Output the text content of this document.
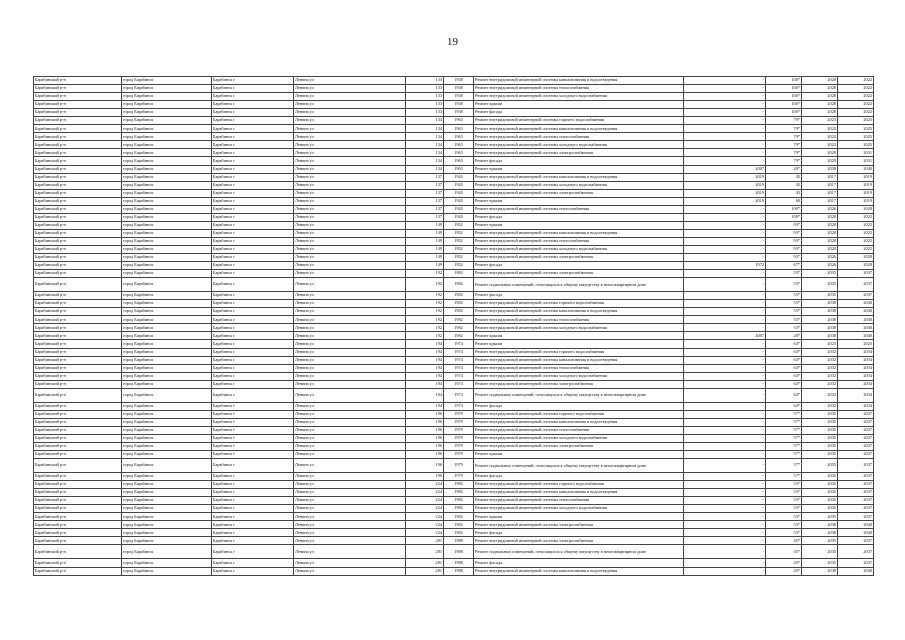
19
Барабинский р-н	город Барабинск	Барабинск г	Ленина ул	133	1938	Ремонт внутридомовой инженерной системы канализования и водоотведения	-	100*	2020	2022
Барабинский р-н	город Барабинск	Барабинск г	Ленина ул	133	1938	Ремонт внутридомовой инженерной системы теплоснабжения	-	100*	2020	2022
Барабинский р-н	город Барабинск	Барабинск г	Ленина ул	133	1938	Ремонт внутридомовой инженерной системы холодного водоснабжения	-	100*	2020	2022
Барабинский р-н	город Барабинск	Барабинск г	Ленина ул	133	1938	Ремонт крыши	-	100*	2020	2022
Барабинский р-н	город Барабинск	Барабинск г	Ленина ул	133	1938	Ремонт фасада	-	100*	2020	2022
Барабинский р-н	город Барабинск	Барабинск г	Ленина ул	134	1963	Ремонт внутридомовой инженерной системы горячего водоснабжения	-	79*	2023	2025
Барабинский р-н	город Барабинск	Барабинск г	Ленина ул	134	1963	Ремонт внутридомовой инженерной системы канализования и водоотведения	-	79*	2023	2025
Барабинский р-н	город Барабинск	Барабинск г	Ленина ул	134	1963	Ремонт внутридомовой инженерной системы теплоснабжения	-	79*	2023	2025
Барабинский р-н	город Барабинск	Барабинск г	Ленина ул	134	1963	Ремонт внутридомовой инженерной системы холодного водоснабжения	-	79*	2023	2025
Барабинский р-н	город Барабинск	Барабинск г	Ленина ул	134	1963	Ремонт внутридомовой инженерной системы электроснабжения	-	79*	2029	2031
Барабинский р-н	город Барабинск	Барабинск г	Ленина ул	134	1963	Ремонт фасада	-	79*	2029	2031
Барабинский р-н	город Барабинск	Барабинск г	Ленина ул	134	1963	Ремонт крыши	2007	20*	2038	2040
Барабинский р-н	город Барабинск	Барабинск г	Ленина ул	137	1920	Ремонт внутридомовой инженерной системы канализования и водоотведения	2019	45	2017	2019
Барабинский р-н	город Барабинск	Барабинск г	Ленина ул	137	1920	Ремонт внутридомовой инженерной системы холодного водоснабжения	2019	45	2017	2019
Барабинский р-н	город Барабинск	Барабинск г	Ленина ул	137	1920	Ремонт внутридомовой инженерной системы электроснабжения	2019	45	2017	2019
Барабинский р-н	город Барабинск	Барабинск г	Ленина ул	137	1920	Ремонт крыши	2019	60	2017	2019
Барабинский р-н	город Барабинск	Барабинск г	Ленина ул	137	1920	Ремонт внутридомовой инженерной системы теплоснабжения	-	100*	2026	2028
Барабинский р-н	город Барабинск	Барабинск г	Ленина ул	137	1920	Ремонт фасада	-	100*	2020	2022
Барабинский р-н	город Барабинск	Барабинск г	Ленина ул	149	1952	Ремонт крыши	-	93*	2020	2022
Барабинский р-н	город Барабинск	Барабинск г	Ленина ул	149	1952	Ремонт внутридомовой инженерной системы канализования и водоотведения	-	93*	2020	2022
Барабинский р-н	город Барабинск	Барабинск г	Ленина ул	149	1952	Ремонт внутридомовой инженерной системы теплоснабжения	-	93*	2020	2022
Барабинский р-н	город Барабинск	Барабинск г	Ленина ул	149	1952	Ремонт внутридомовой инженерной системы холодного водоснабжения	-	93*	2020	2022
Барабинский р-н	город Барабинск	Барабинск г	Ленина ул	149	1952	Ремонт внутридомовой инженерной системы электроснабжения	-	93*	2026	2028
Барабинский р-н	город Барабинск	Барабинск г	Ленина ул	149	1952	Ремонт фасада	1972	67*	2026	2028
Барабинский р-н	город Барабинск	Барабинск г	Ленина ул	192	1982	Ремонт внутридомовой инженерной системы электроснабжения	-	53*	2035	2037
Барабинский р-н	город Барабинск	Барабинск г	Ленина ул	192	1982	Ремонт подвальных помещений, относящихся к общему имуществу в многоквартирном доме	-	53*	2035	2037
Барабинский р-н	город Барабинск	Барабинск г	Ленина ул	192	1982	Ремонт фасада	-	53*	2035	2037
Барабинский р-н	город Барабинск	Барабинск г	Ленина ул	192	1982	Ремонт внутридомовой инженерной системы горячего водоснабжения	-	53*	2038	2040
Барабинский р-н	город Барабинск	Барабинск г	Ленина ул	192	1982	Ремонт внутридомовой инженерной системы канализования и водоотведения	-	53*	2038	2040
Барабинский р-н	город Барабинск	Барабинск г	Ленина ул	192	1982	Ремонт внутридомовой инженерной системы теплоснабжения	-	53*	2038	2040
Барабинский р-н	город Барабинск	Барабинск г	Ленина ул	192	1982	Ремонт внутридомовой инженерной системы холодного водоснабжения	-	53*	2038	2040
Барабинский р-н	город Барабинск	Барабинск г	Ленина ул	192	1982	Ремонт крыши	2007	20*	2038	2040
Барабинский р-н	город Барабинск	Барабинск г	Ленина ул	194	1974	Ремонт крыши	-	64*	2023	2025
Барабинский р-н	город Барабинск	Барабинск г	Ленина ул	194	1974	Ремонт внутридомовой инженерной системы горячего водоснабжения	-	64*	2032	2034
Барабинский р-н	город Барабинск	Барабинск г	Ленина ул	194	1974	Ремонт внутридомовой инженерной системы канализования и водоотведения	-	64*	2032	2034
Барабинский р-н	город Барабинск	Барабинск г	Ленина ул	194	1974	Ремонт внутридомовой инженерной системы теплоснабжения	-	64*	2032	2034
Барабинский р-н	город Барабинск	Барабинск г	Ленина ул	194	1974	Ремонт внутридомовой инженерной системы холодного водоснабжения	-	64*	2032	2034
Барабинский р-н	город Барабинск	Барабинск г	Ленина ул	194	1974	Ремонт внутридомовой инженерной системы электроснабжения	-	64*	2032	2034
Барабинский р-н	город Барабинск	Барабинск г	Ленина ул	194	1974	Ремонт подвальных помещений, относящихся к общему имуществу в многоквартирном доме	-	64*	2032	2034
Барабинский р-н	город Барабинск	Барабинск г	Ленина ул	194	1974	Ремонт фасада	-	64*	2032	2034
Барабинский р-н	город Барабинск	Барабинск г	Ленина ул	196	1979	Ремонт внутридомовой инженерной системы горячего водоснабжения	-	57*	2035	2037
Барабинский р-н	город Барабинск	Барабинск г	Ленина ул	196	1979	Ремонт внутридомовой инженерной системы канализования и водоотведения	-	57*	2035	2037
Барабинский р-н	город Барабинск	Барабинск г	Ленина ул	196	1979	Ремонт внутридомовой инженерной системы теплоснабжения	-	57*	2035	2037
Барабинский р-н	город Барабинск	Барабинск г	Ленина ул	196	1979	Ремонт внутридомовой инженерной системы холодного водоснабжения	-	57*	2035	2037
Барабинский р-н	город Барабинск	Барабинск г	Ленина ул	196	1979	Ремонт внутридомовой инженерной системы электроснабжения	-	57*	2035	2037
Барабинский р-н	город Барабинск	Барабинск г	Ленина ул	196	1979	Ремонт крыши	-	57*	2035	2037
Барабинский р-н	город Барабинск	Барабинск г	Ленина ул	196	1979	Ремонт подвальных помещений, относящихся к общему имуществу в многоквартирном доме	-	57*	2035	2037
Барабинский р-н	город Барабинск	Барабинск г	Ленина ул	196	1979	Ремонт фасада	-	57*	2035	2037
Барабинский р-н	город Барабинск	Барабинск г	Ленина ул	224	1982	Ремонт внутридомовой инженерной системы горячего водоснабжения	-	53*	2035	2037
Барабинский р-н	город Барабинск	Барабинск г	Ленина ул	224	1982	Ремонт внутридомовой инженерной системы канализования и водоотведения	-	53*	2035	2037
Барабинский р-н	город Барабинск	Барабинск г	Ленина ул	224	1982	Ремонт внутридомовой инженерной системы теплоснабжения	-	53*	2035	2037
Барабинский р-н	город Барабинск	Барабинск г	Ленина ул	224	1982	Ремонт внутридомовой инженерной системы холодного водоснабжения	-	53*	2035	2037
Барабинский р-н	город Барабинск	Барабинск г	Ленина ул	224	1982	Ремонт крыши	-	53*	2035	2037
Барабинский р-н	город Барабинск	Барабинск г	Ленина ул	224	1982	Ремонт внутридомовой инженерной системы электроснабжения	-	53*	2038	2040
Барабинский р-н	город Барабинск	Барабинск г	Ленина ул	224	1982	Ремонт фасада	-	53*	2038	2040
Барабинский р-н	город Барабинск	Барабинск г	Ленина ул	281	1988	Ремонт внутридомовой инженерной системы электроснабжения	-	45*	2035	2037
Барабинский р-н	город Барабинск	Барабинск г	Ленина ул	281	1988	Ремонт подвальных помещений, относящихся к общему имуществу в многоквартирном доме	-	45*	2035	2037
Барабинский р-н	город Барабинск	Барабинск г	Ленина ул	281	1988	Ремонт фасада	-	45*	2035	2037
Барабинский р-н	город Барабинск	Барабинск г	Ленина ул	281	1988	Ремонт внутридомовой инженерной системы канализования и водоотведения	-	45*	2038	2040
